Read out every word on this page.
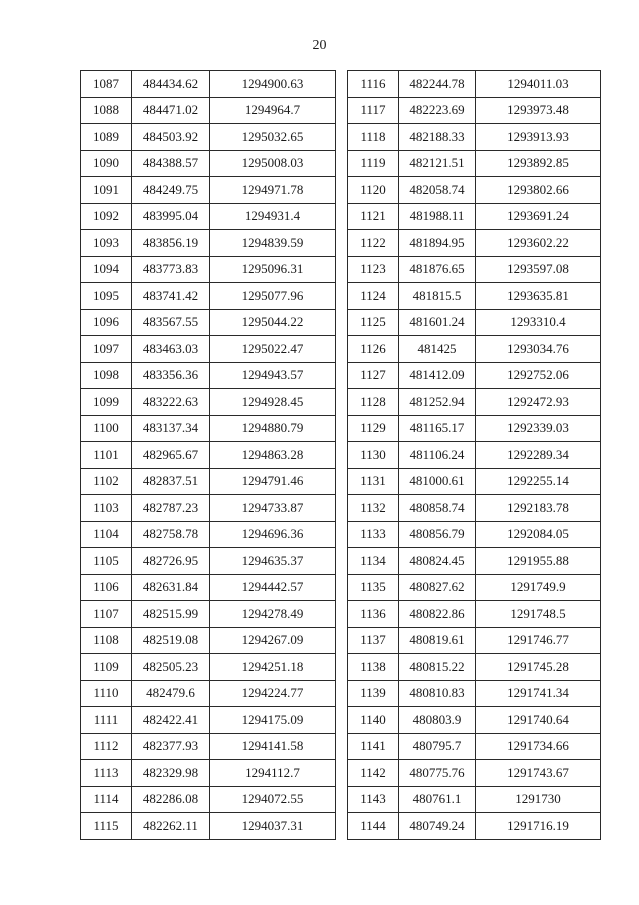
20
1087	484434.62	1294900.63
1088	484471.02	1294964.7
1089	484503.92	1295032.65
1090	484388.57	1295008.03
1091	484249.75	1294971.78
1092	483995.04	1294931.4
1093	483856.19	1294839.59
1094	483773.83	1295096.31
1095	483741.42	1295077.96
1096	483567.55	1295044.22
1097	483463.03	1295022.47
1098	483356.36	1294943.57
1099	483222.63	1294928.45
1100	483137.34	1294880.79
1101	482965.67	1294863.28
1102	482837.51	1294791.46
1103	482787.23	1294733.87
1104	482758.78	1294696.36
1105	482726.95	1294635.37
1106	482631.84	1294442.57
1107	482515.99	1294278.49
1108	482519.08	1294267.09
1109	482505.23	1294251.18
1110	482479.6	1294224.77
1111	482422.41	1294175.09
1112	482377.93	1294141.58
1113	482329.98	1294112.7
1114	482286.08	1294072.55
1115	482262.11	1294037.31
1116	482244.78	1294011.03
1117	482223.69	1293973.48
1118	482188.33	1293913.93
1119	482121.51	1293892.85
1120	482058.74	1293802.66
1121	481988.11	1293691.24
1122	481894.95	1293602.22
1123	481876.65	1293597.08
1124	481815.5	1293635.81
1125	481601.24	1293310.4
1126	481425	1293034.76
1127	481412.09	1292752.06
1128	481252.94	1292472.93
1129	481165.17	1292339.03
1130	481106.24	1292289.34
1131	481000.61	1292255.14
1132	480858.74	1292183.78
1133	480856.79	1292084.05
1134	480824.45	1291955.88
1135	480827.62	1291749.9
1136	480822.86	1291748.5
1137	480819.61	1291746.77
1138	480815.22	1291745.28
1139	480810.83	1291741.34
1140	480803.9	1291740.64
1141	480795.7	1291734.66
1142	480775.76	1291743.67
1143	480761.1	1291730
1144	480749.24	1291716.19
